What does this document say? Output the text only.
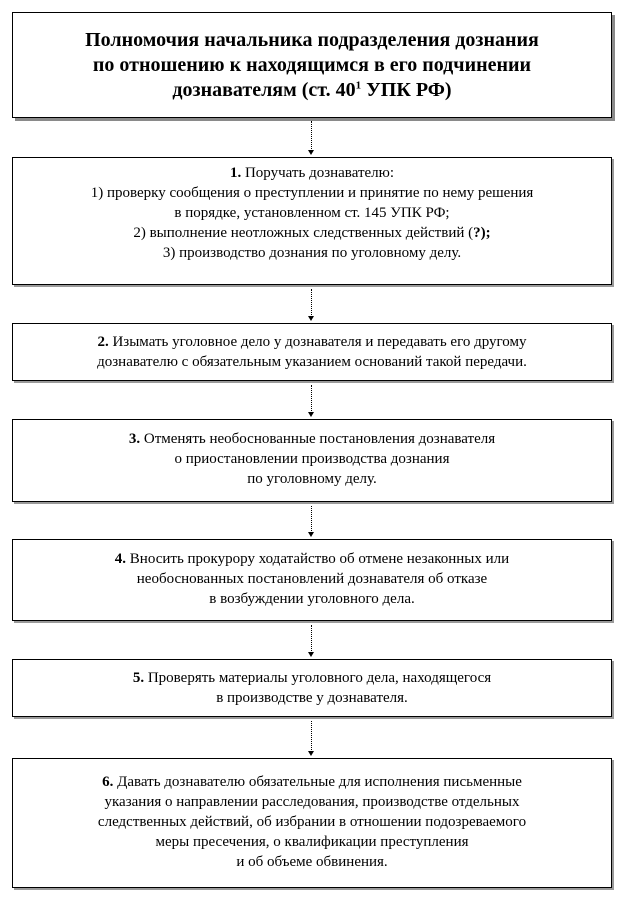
Полномочия начальника подразделения дознания
по отношению к находящимся в его подчинении
дознавателям (ст. $40^1$ УПК РФ)
1. Поручать дознавателю:
1) проверку сообщения о преступлении и принятие по нему решения
в порядке, установленном ст. 145 УПК РФ;
2) выполнение неотложных следственных действий (?);
3) производство дознания по уголовному делу.
2. Изымать уголовное дело у дознавателя и передавать его другому
дознавателю с обязательным указанием оснований такой передачи.
3. Отменять необоснованные постановления дознавателя
о приостановлении производства дознания
по уголовному делу.
4. Вносить прокурору ходатайство об отмене незаконных или
необоснованных постановлений дознавателя об отказе
в возбуждении уголовного дела.
5. Проверять материалы уголовного дела, находящегося
в производстве у дознавателя.
6. Давать дознавателю обязательные для исполнения письменные
указания о направлении расследования, производстве отдельных
следственных действий, об избрании в отношении подозреваемого
меры пресечения, о квалификации преступления
и об объеме обвинения.
